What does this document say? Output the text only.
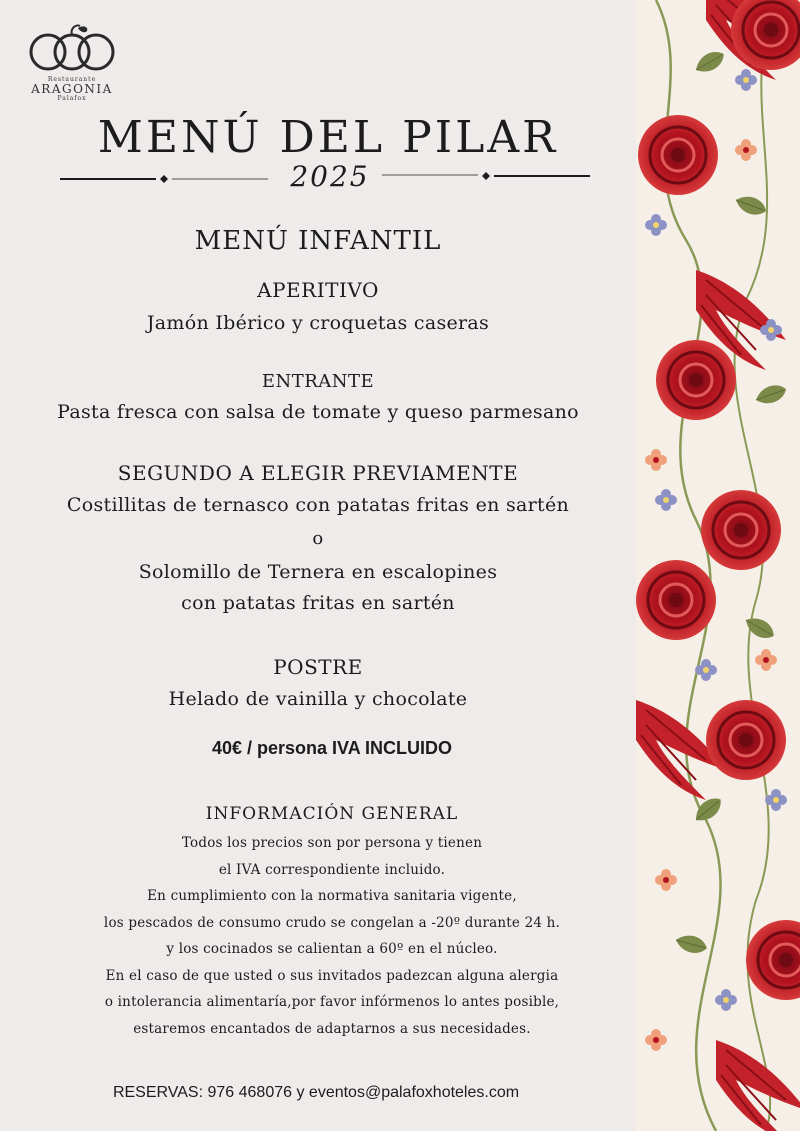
Restaurante
ARAGONIA
Palafox
MENÚ DEL PILAR
2025
MENÚ INFANTIL
APERITIVO
Jamón Ibérico y croquetas caseras
ENTRANTE
Pasta fresca con salsa de tomate y queso parmesano
SEGUNDO A ELEGIR PREVIAMENTE
Costillitas de ternasco con patatas fritas en sartén
o
Solomillo de Ternera en escalopines
con patatas fritas en sartén
POSTRE
Helado de vainilla y chocolate
40€ / persona IVA INCLUIDO
INFORMACIÓN GENERAL
Todos los precios son por persona y tienen
el IVA correspondiente incluido.
En cumplimiento con la normativa sanitaria vigente,
los pescados de consumo crudo se congelan a -20º durante 24 h.
y los cocinados se calientan a 60º en el núcleo.
En el caso de que usted o sus invitados padezcan alguna alergia
o intolerancia alimentaría,por favor infórmenos lo antes posible,
estaremos encantados de adaptarnos a sus necesidades.
RESERVAS: 976 468076 y eventos@palafoxhoteles.com
